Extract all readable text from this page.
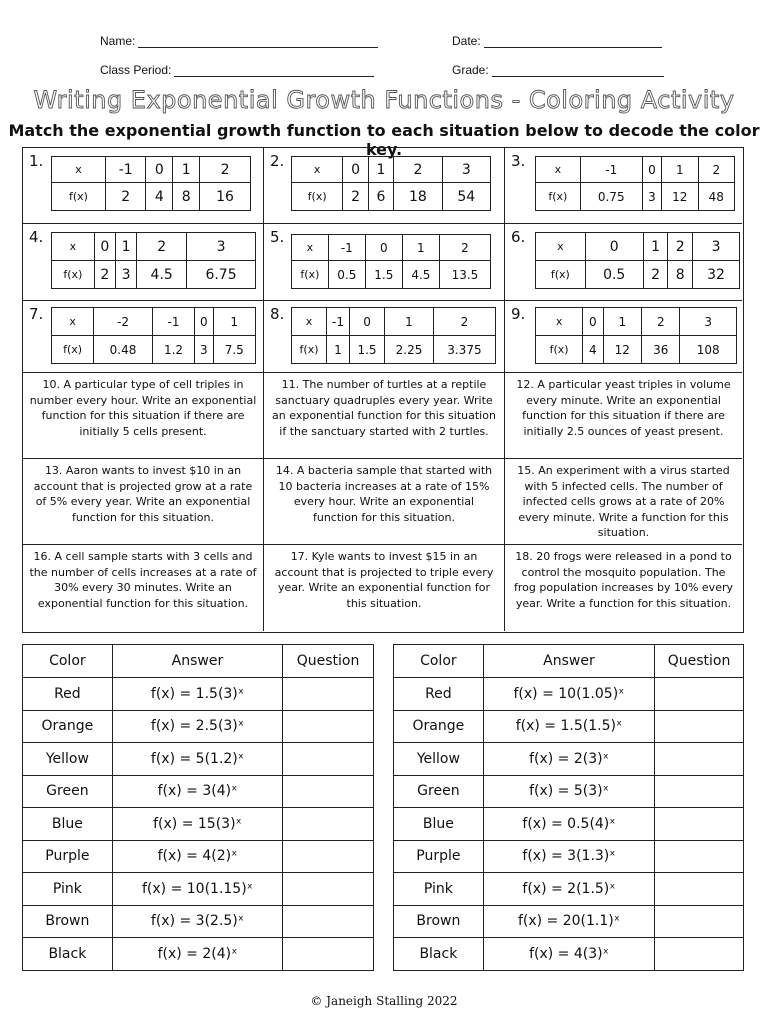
Name:	Date:
Class Period:	Grade:
Writing Exponential Growth Functions - Coloring Activity
Match the exponential growth function to each situation below to decode the color key.
1.	x	-1	0	1	2
f(x)	2	4	8	16
2.	x	0	1	2	3
f(x)	2	6	18	54
3.	x	-1	0	1	2
f(x)	0.75	3	12	48
4.
x	0	1	2	3
f(x)	2	3	4.5	6.75
5.
x	-1	0	1	2
f(x)	0.5	1.5	4.5	13.5
6.
x	0	1	2	3
f(x)	0.5	2	8	32
7. x	-2	-1	0	1
f(x)	0.48	1.2	3	7.5
8. x	-1	0	1	2
f(x)	1	1.5	2.25	3.375
9.	x	0	1	2	3
f(x)	4	12	36	108
10. A particular type of cell triples in number every hour. Write an exponential function for this situation if there are initially 5 cells present.
11. The number of turtles at a reptile sanctuary quadruples every year. Write an exponential function for this situation if the sanctuary started with 2 turtles.
12. A particular yeast triples in volume every minute. Write an exponential function for this situation if there are initially 2.5 ounces of yeast present.
13. Aaron wants to invest $10 in an account that is projected grow at a rate of 5% every year. Write an exponential function for this situation.
14. A bacteria sample that started with 10 bacteria increases at a rate of 15% every hour. Write an exponential function for this situation.
15. An experiment with a virus started with 5 infected cells. The number of infected cells grows at a rate of 20% every minute. Write a function for this situation.
16. A cell sample starts with 3 cells and the number of cells increases at a rate of 30% every 30 minutes. Write an exponential function for this situation.
17. Kyle wants to invest $15 in an account that is projected to triple every year. Write an exponential function for this situation.
18. 20 frogs were released in a pond to control the mosquito population. The frog population increases by 10% every year. Write a function for this situation.
Color	Answer	Question
Red	f(x) = 1.5(3)ˣ	
Orange	f(x) = 2.5(3)ˣ	
Yellow	f(x) = 5(1.2)ˣ	
Green	f(x) = 3(4)ˣ	
Blue	f(x) = 15(3)ˣ	
Purple	f(x) = 4(2)ˣ	
Pink	f(x) = 10(1.15)ˣ	
Brown	f(x) = 3(2.5)ˣ	
Black	f(x) = 2(4)ˣ	
Color	Answer	Question
Red	f(x) = 10(1.05)ˣ	
Orange	f(x) = 1.5(1.5)ˣ	
Yellow	f(x) = 2(3)ˣ	
Green	f(x) = 5(3)ˣ	
Blue	f(x) = 0.5(4)ˣ	
Purple	f(x) = 3(1.3)ˣ	
Pink	f(x) = 2(1.5)ˣ	
Brown	f(x) = 20(1.1)ˣ	
Black	f(x) = 4(3)ˣ	
© Janeigh Stalling 2022
